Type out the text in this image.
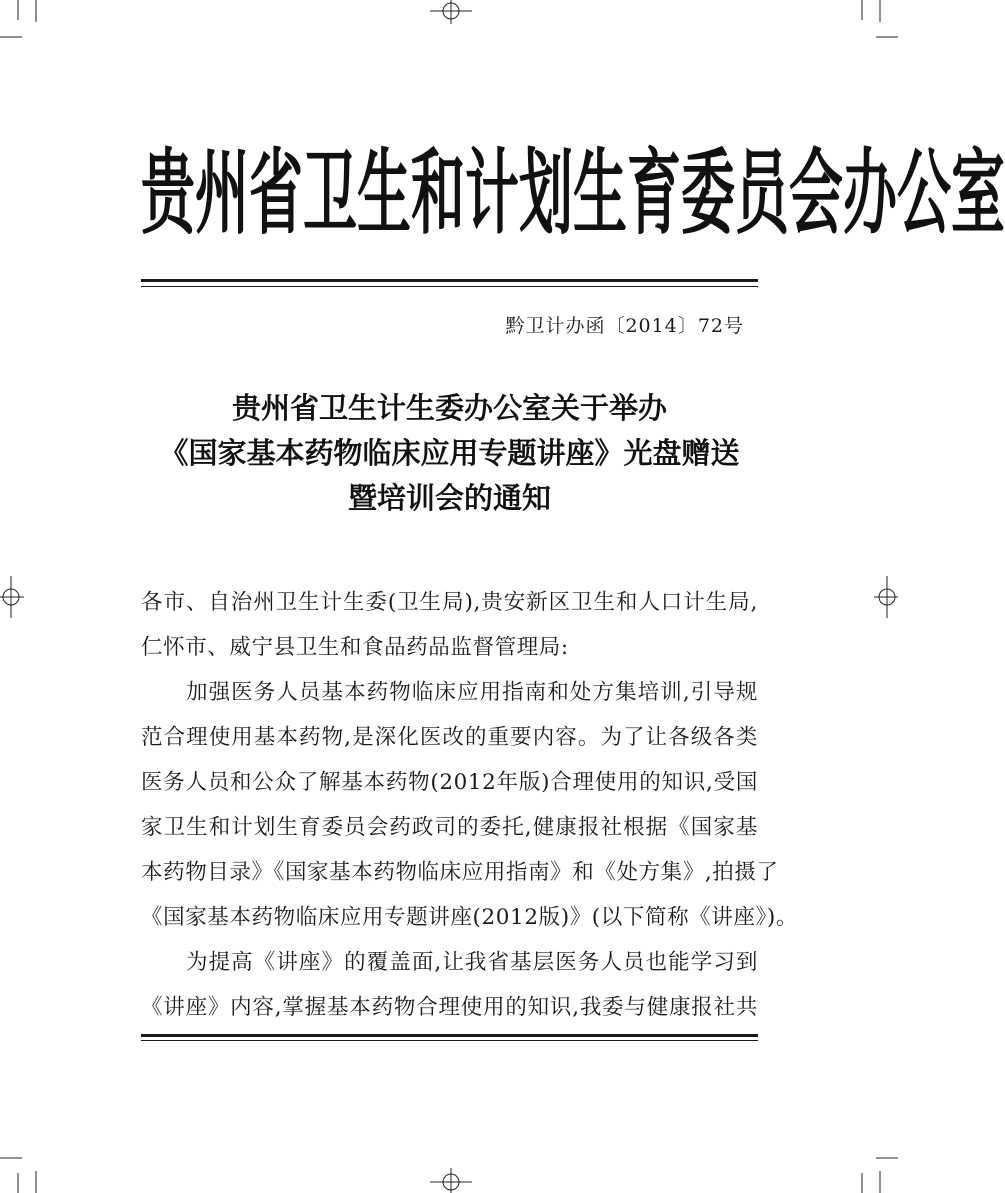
贵 州 省 卫 生 和 计 划 生 育 委 员 会 办 公 室
黔卫计办函〔2014〕72号
贵州省卫生计生委办公室关于举办
《国家基本药物临床应用专题讲座》光盘赠送
暨培训会的通知
各市、自治州卫生计生委(卫生局),贵安新区卫生和人口计生局,
仁怀市、威宁县卫生和食品药品监督管理局:
加强医务人员基本药物临床应用指南和处方集培训,引导规
范合理使用基本药物,是深化医改的重要内容。为了让各级各类
医务人员和公众了解基本药物(2012年版)合理使用的知识,受国
家卫生和计划生育委员会药政司的委托,健康报社根据《国家基
本药物目录》《国家基本药物临床应用指南》和《处方集》,拍摄了
《国家基本药物临床应用专题讲座(2012版)》(以下简称《讲座》)。
为提高《讲座》的覆盖面,让我省基层医务人员也能学习到
《讲座》内容,掌握基本药物合理使用的知识,我委与健康报社共
